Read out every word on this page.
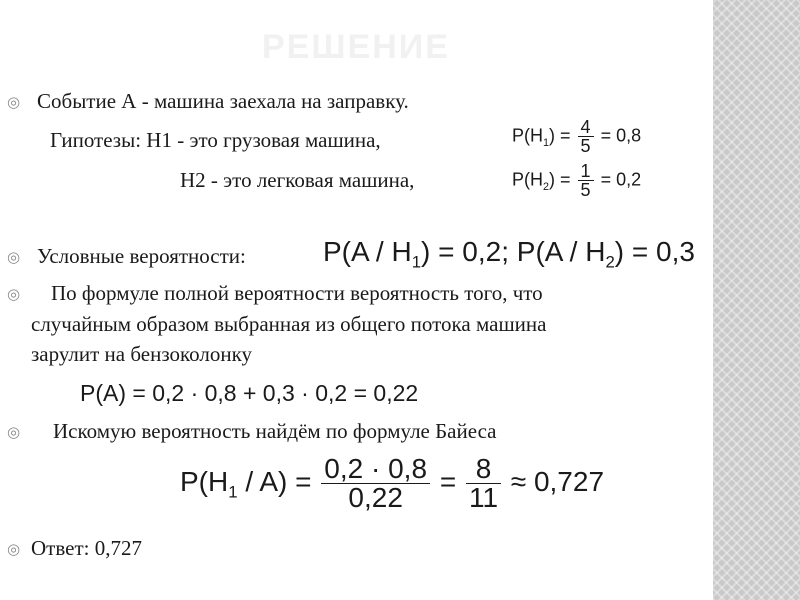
РЕШЕНИЕ
◎ Событие А - машина заехала на заправку.
Гипотезы: Н1 - это грузовая машина,
Н2 - это легковая машина,
$P(H_1) = \frac{4}{5} = 0,8$
$P(H_2) = \frac{1}{5} = 0,2$
◎ Условные вероятности:	$P(A / H_1) = 0,2$; $P(A / H_2) = 0,3$
◎ По формуле полной вероятности вероятность того, что
случайным образом выбранная из общего потока машина
зарулит на бензоколонку
P(A) = 0,2 · 0,8 + 0,3 · 0,2 = 0,22
◎ Искомую вероятность найдём по формуле Байеса
$P(H_1 / A) = \frac{0,2 \cdot 0,8}{0,22} = \frac{8}{11} \approx 0,727$
◎ Ответ: 0,727
